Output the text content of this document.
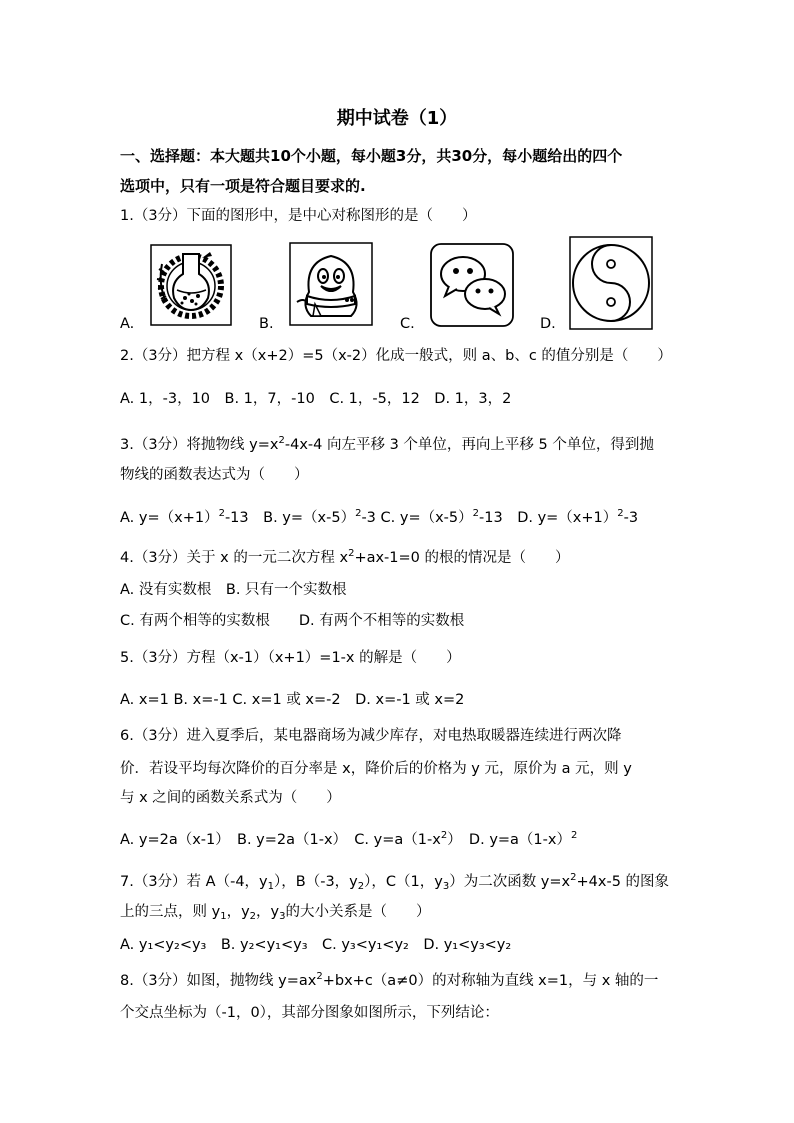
期中试卷（1）
一、选择题：本大题共10个小题，每小题3分，共30分，每小题给出的四个
选项中，只有一项是符合题目要求的.
1.（3分）下面的图形中，是中心对称图形的是（　　）
A.	B.	C.	D.
2.（3分）把方程 x（x+2）=5（x-2）化成一般式，则 a、b、c 的值分别是（　　）
A. 1，-3，10　B. 1，7，-10　C. 1，-5，12　D. 1，3，2
3.（3分）将抛物线 $y=x^2-4x-4$ 向左平移 3 个单位，再向上平移 5 个单位，得到抛
物线的函数表达式为（　　）
A. $y=(x+1)^2-13$　B. $y=(x-5)^2-3$ C. $y=(x-5)^2-13$　D. $y=(x+1)^2-3$
4.（3分）关于 x 的一元二次方程 $x^2+ax-1=0$ 的根的情况是（　　）
A. 没有实数根　B. 只有一个实数根
C. 有两个相等的实数根　　D. 有两个不相等的实数根
5.（3分）方程（x-1）（x+1）=1-x 的解是（　　）
A. x=1 B. x=-1 C. x=1 或 x=-2　D. x=-1 或 x=2
6.（3分）进入夏季后，某电器商场为减少库存，对电热取暖器连续进行两次降
价．若设平均每次降价的百分率是 x，降价后的价格为 y 元，原价为 a 元，则 y
与 x 之间的函数关系式为（　　）
A. y=2a（x-1）　B. y=2a（1-x）　C. $y=a(1-x^2)$　D. $y=a(1-x)^2$
7.（3分）若 A（-4，$y_1$），B（-3，$y_2$），C（1，$y_3$）为二次函数 $y=x^2+4x-5$ 的图象
上的三点，则 $y_1$，$y_2$，$y_3$的大小关系是（　　）
A. y₁<y₂<y₃　B. y₂<y₁<y₃　C. y₃<y₁<y₂　D. y₁<y₃<y₂
8.（3分）如图，抛物线 $y=ax^2+bx+c(a\ne 0)$的对称轴为直线 x=1，与 x 轴的一
个交点坐标为（-1，0），其部分图象如图所示，下列结论：
